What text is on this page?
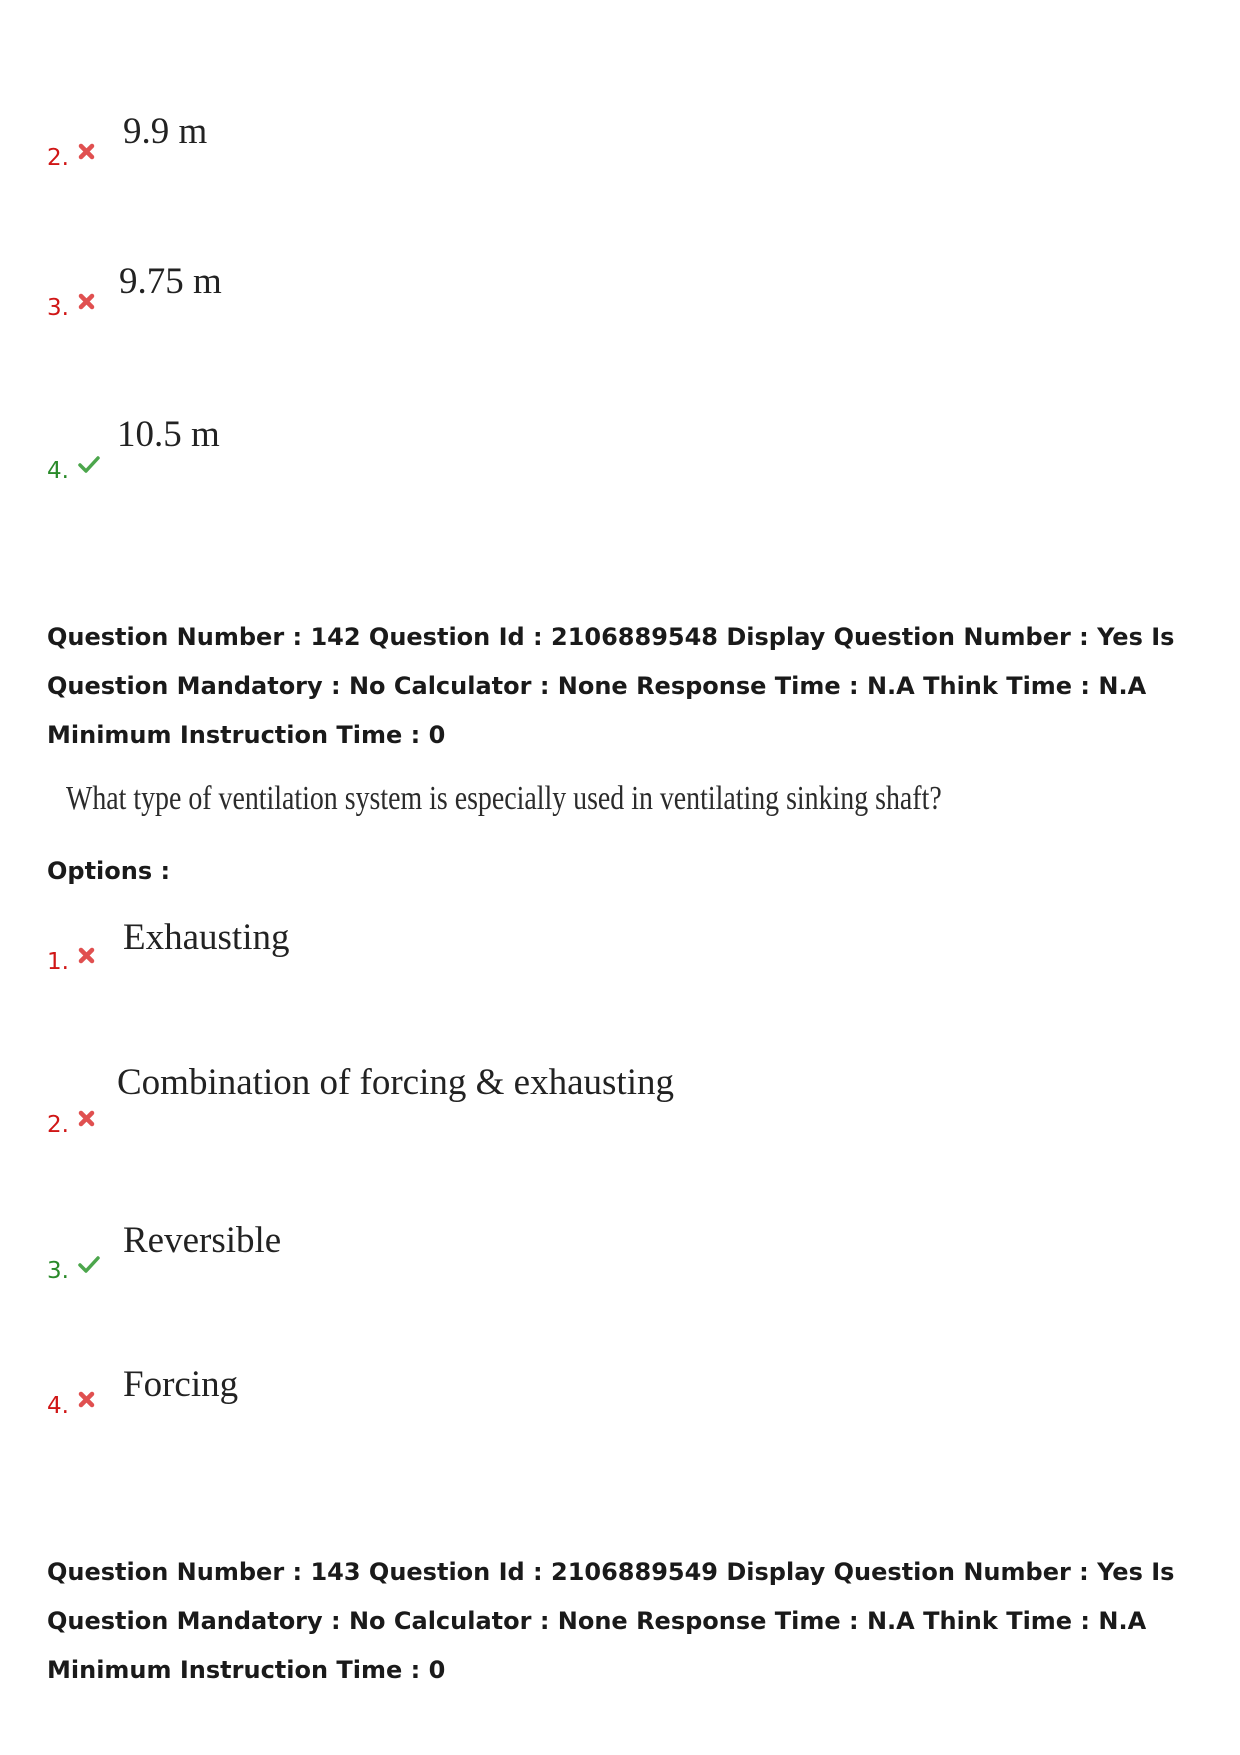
2.
9.9 m
3.
9.75 m
4.
10.5 m

Question Number : 142 Question Id : 2106889548 Display Question Number : Yes Is Question Mandatory : No Calculator : None Response Time : N.A Think Time : N.A Minimum Instruction Time : 0

What type of ventilation system is especially used in ventilating sinking shaft?
Options :
1.
Exhausting
2.
Combination of forcing & exhausting
3.
Reversible
4.
Forcing

Question Number : 143 Question Id : 2106889549 Display Question Number : Yes Is Question Mandatory : No Calculator : None Response Time : N.A Think Time : N.A Minimum Instruction Time : 0
